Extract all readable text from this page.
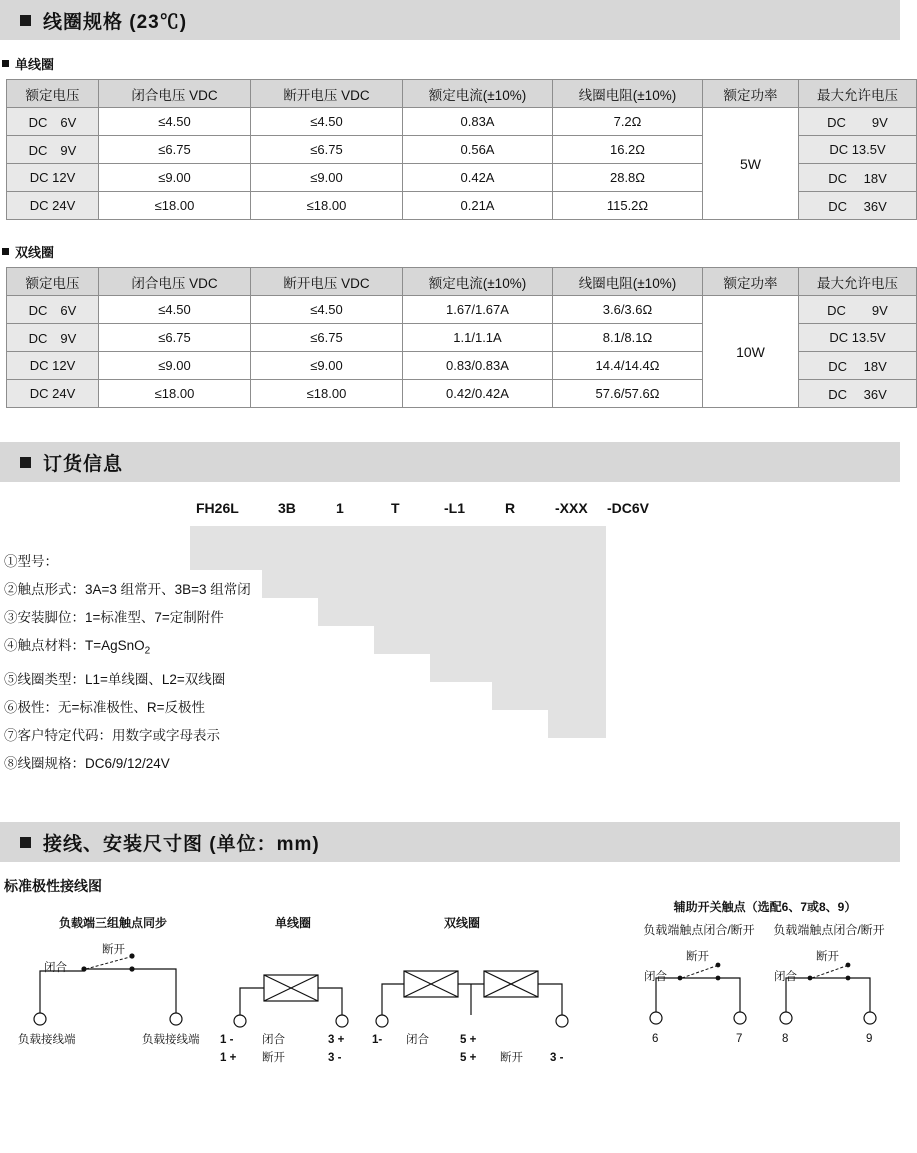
线圈规格 (23℃)
单线圈
额定电压	闭合电压 VDC	断开电压 VDC	额定电流(±10%)	线圈电阻(±10%)	额定功率	最大允许电压
DC　6V	≤4.50	≤4.50	0.83A	7.2Ω	5W	DC　　9V
DC　9V	≤6.75	≤6.75	0.56A	16.2Ω		DC 13.5V
DC 12V	≤9.00	≤9.00	0.42A	28.8Ω		DC　 18V
DC 24V	≤18.00	≤18.00	0.21A	115.2Ω		DC　 36V
双线圈
额定电压	闭合电压 VDC	断开电压 VDC	额定电流(±10%)	线圈电阻(±10%)	额定功率	最大允许电压
DC　6V	≤4.50	≤4.50	1.67/1.67A	3.6/3.6Ω	10W	DC　　9V
DC　9V	≤6.75	≤6.75	1.1/1.1A	8.1/8.1Ω		DC 13.5V
DC 12V	≤9.00	≤9.00	0.83/0.83A	14.4/14.4Ω		DC　 18V
DC 24V	≤18.00	≤18.00	0.42/0.42A	57.6/57.6Ω		DC　 36V
订货信息
FH26L	3B	1	T	-L1	R	-XXX -DC6V
①型号：
②触点形式：3A=3 组常开、3B=3 组常闭
③安装脚位：1=标准型、7=定制附件
④触点材料：T=AgSnO$_2$
⑤线圈类型：L1=单线圈、L2=双线圈
⑥极性：无=标准极性、R=反极性
⑦客户特定代码：用数字或字母表示
⑧线圈规格：DC6/9/12/24V
接线、安装尺寸图 (单位：mm)
标准极性接线图
负载端三组触点同步
断开
闭合
负载接线端	负载接线端
单线圈
1 - 闭合	3 +
1 + 断开	3 -
双线圈
1- 闭合	5 +
5 + 断开 3 -
辅助开关触点（选配6、7或8、9）
负载端触点闭合/断开
断开
闭合
6	7
负载端触点闭合/断开
断开
闭合
8	9
